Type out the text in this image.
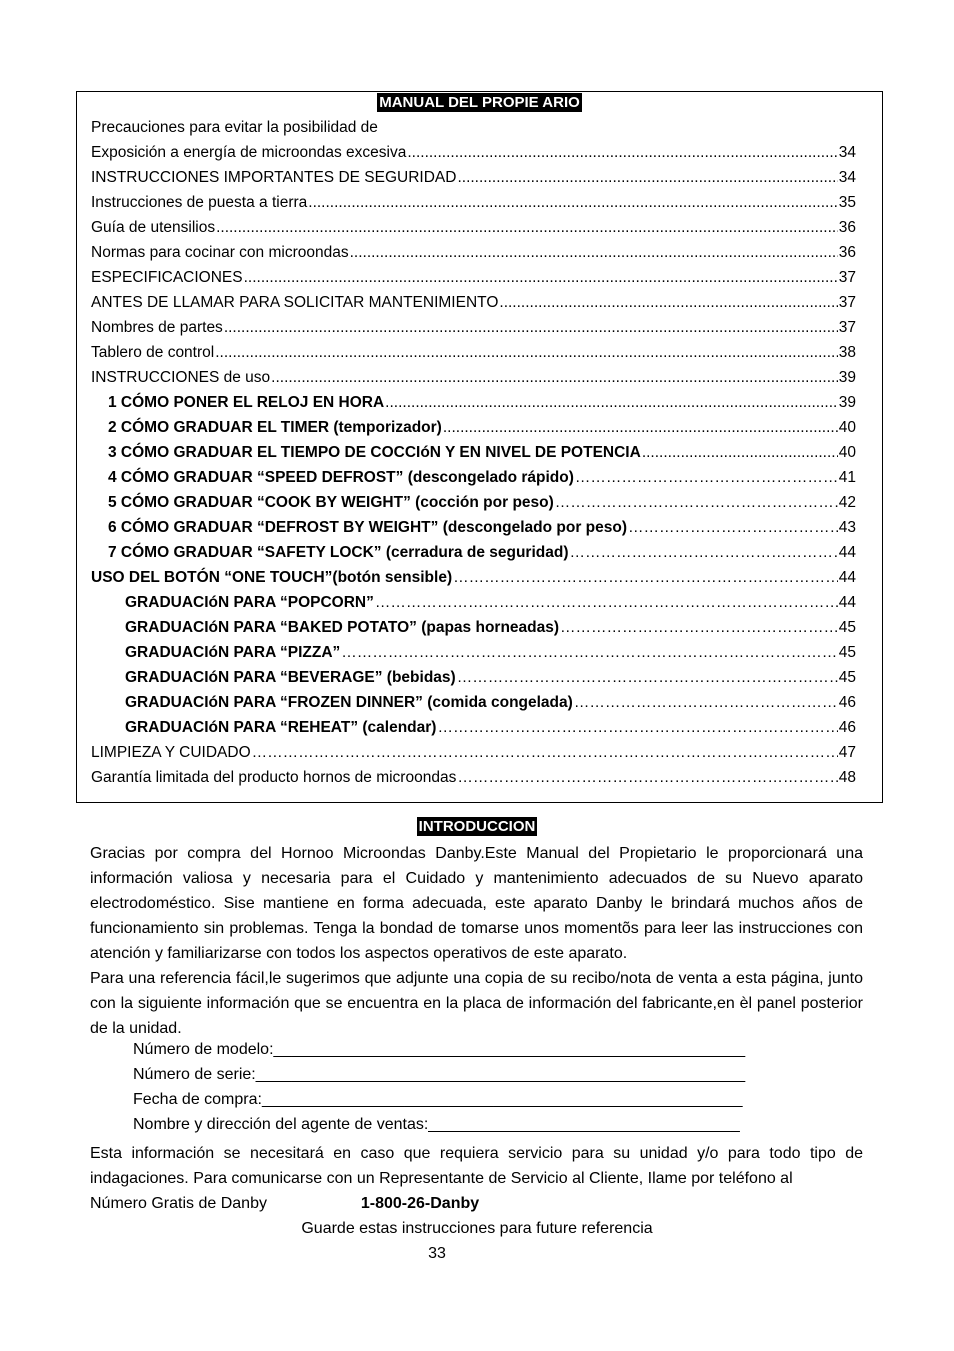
MANUAL DEL PROPIE ARIO
Precauciones para evitar la posibilidad de
Exposición a energía de microondas excesiva .....	34
INSTRUCCIONES IMPORTANTES DE SEGURIDAD .....	34
Instrucciones de puesta a tierra .....	35
Guía de utensilios .....	36
Normas para cocinar con microondas .....	36
ESPECIFICACIONES .....	37
ANTES DE LLAMAR PARA SOLICITAR MANTENIMIENTO .....	37
Nombres de partes .....	37
Tablero de control .....	38
INSTRUCCIONES de uso .....	39
1 CÓMO PONER EL RELOJ EN HORA .....	39
2 CÓMO GRADUAR EL TIMER (temporizador) .....	40
3 CÓMO GRADUAR EL TIEMPO DE COCCIóN Y EN NIVEL DE POTENCIA .....	40
4 CÓMO GRADUAR “SPEED DEFROST” (descongelado rápido) ……………………………………………………………………………………………………………………………………………………………………………………	41
5 CÓMO GRADUAR “COOK BY WEIGHT” (cocción por peso) ……………………………………………………………………………………………………………………………………………………………………………………	42
6 CÓMO GRADUAR “DEFROST BY WEIGHT” (descongelado por peso) ……………………………………………………………………………………………………………………………………………………………………………………	43
7 CÓMO GRADUAR “SAFETY LOCK” (cerradura de seguridad) ……………………………………………………………………………………………………………………………………………………………………………………	44
USO DEL BOTÓN “ONE TOUCH”(botón sensible) ……………………………………………………………………………………………………………………………………………………………………………………	44
GRADUACIóN PARA “POPCORN” ……………………………………………………………………………………………………………………………………………………………………………………	44
GRADUACIóN PARA “BAKED POTATO” (papas horneadas) ……………………………………………………………………………………………………………………………………………………………………………………	45
GRADUACIóN PARA “PIZZA” ……………………………………………………………………………………………………………………………………………………………………………………	45
GRADUACIóN PARA “BEVERAGE” (bebidas) ……………………………………………………………………………………………………………………………………………………………………………………	45
GRADUACIóN PARA “FROZEN DINNER” (comida congelada) ……………………………………………………………………………………………………………………………………………………………………………………	46
GRADUACIóN PARA “REHEAT” (calendar) ……………………………………………………………………………………………………………………………………………………………………………………	46
LIMPIEZA Y CUIDADO ……………………………………………………………………………………………………………………………………………………………………………………	47
Garantía limitada del producto hornos de microondas ……………………………………………………………………………………………………………………………………………………………………………………	48
INTRODUCCION
Gracias por compra del Hornoo Microondas Danby.Este Manual del Propietario le proporcionará una información valiosa y necesaria para el Cuidado y mantenimiento adecuados de su Nuevo aparato electrodoméstico. Sise mantiene en forma adecuada, este aparato Danby le brindará muchos años de funcionamiento sin problemas. Tenga la bondad de tomarse unos momentõs para leer las instrucciones con atención y familiarizarse con todos los aspectos operativos de este aparato.
Para una referencia fácil,le sugerimos que adjunte una copia de su recibo/nota de venta a esta página, junto con la siguiente información que se encuentra en la placa de información del fabricante,en èl panel posterior de la unidad.
Número de modelo:_____________________________________________________
Número de serie:_______________________________________________________
Fecha de compra:______________________________________________________
Nombre y dirección del agente de ventas:___________________________________
Esta información se necesitará en caso que requiera servicio para su unidad y/o para todo tipo de indagaciones. Para comunicarse con un Representante de Servicio al Cliente, Ilame por teléfono al
Número Gratis de Danby	1-800-26-Danby
Guarde estas instrucciones para future referencia
33
